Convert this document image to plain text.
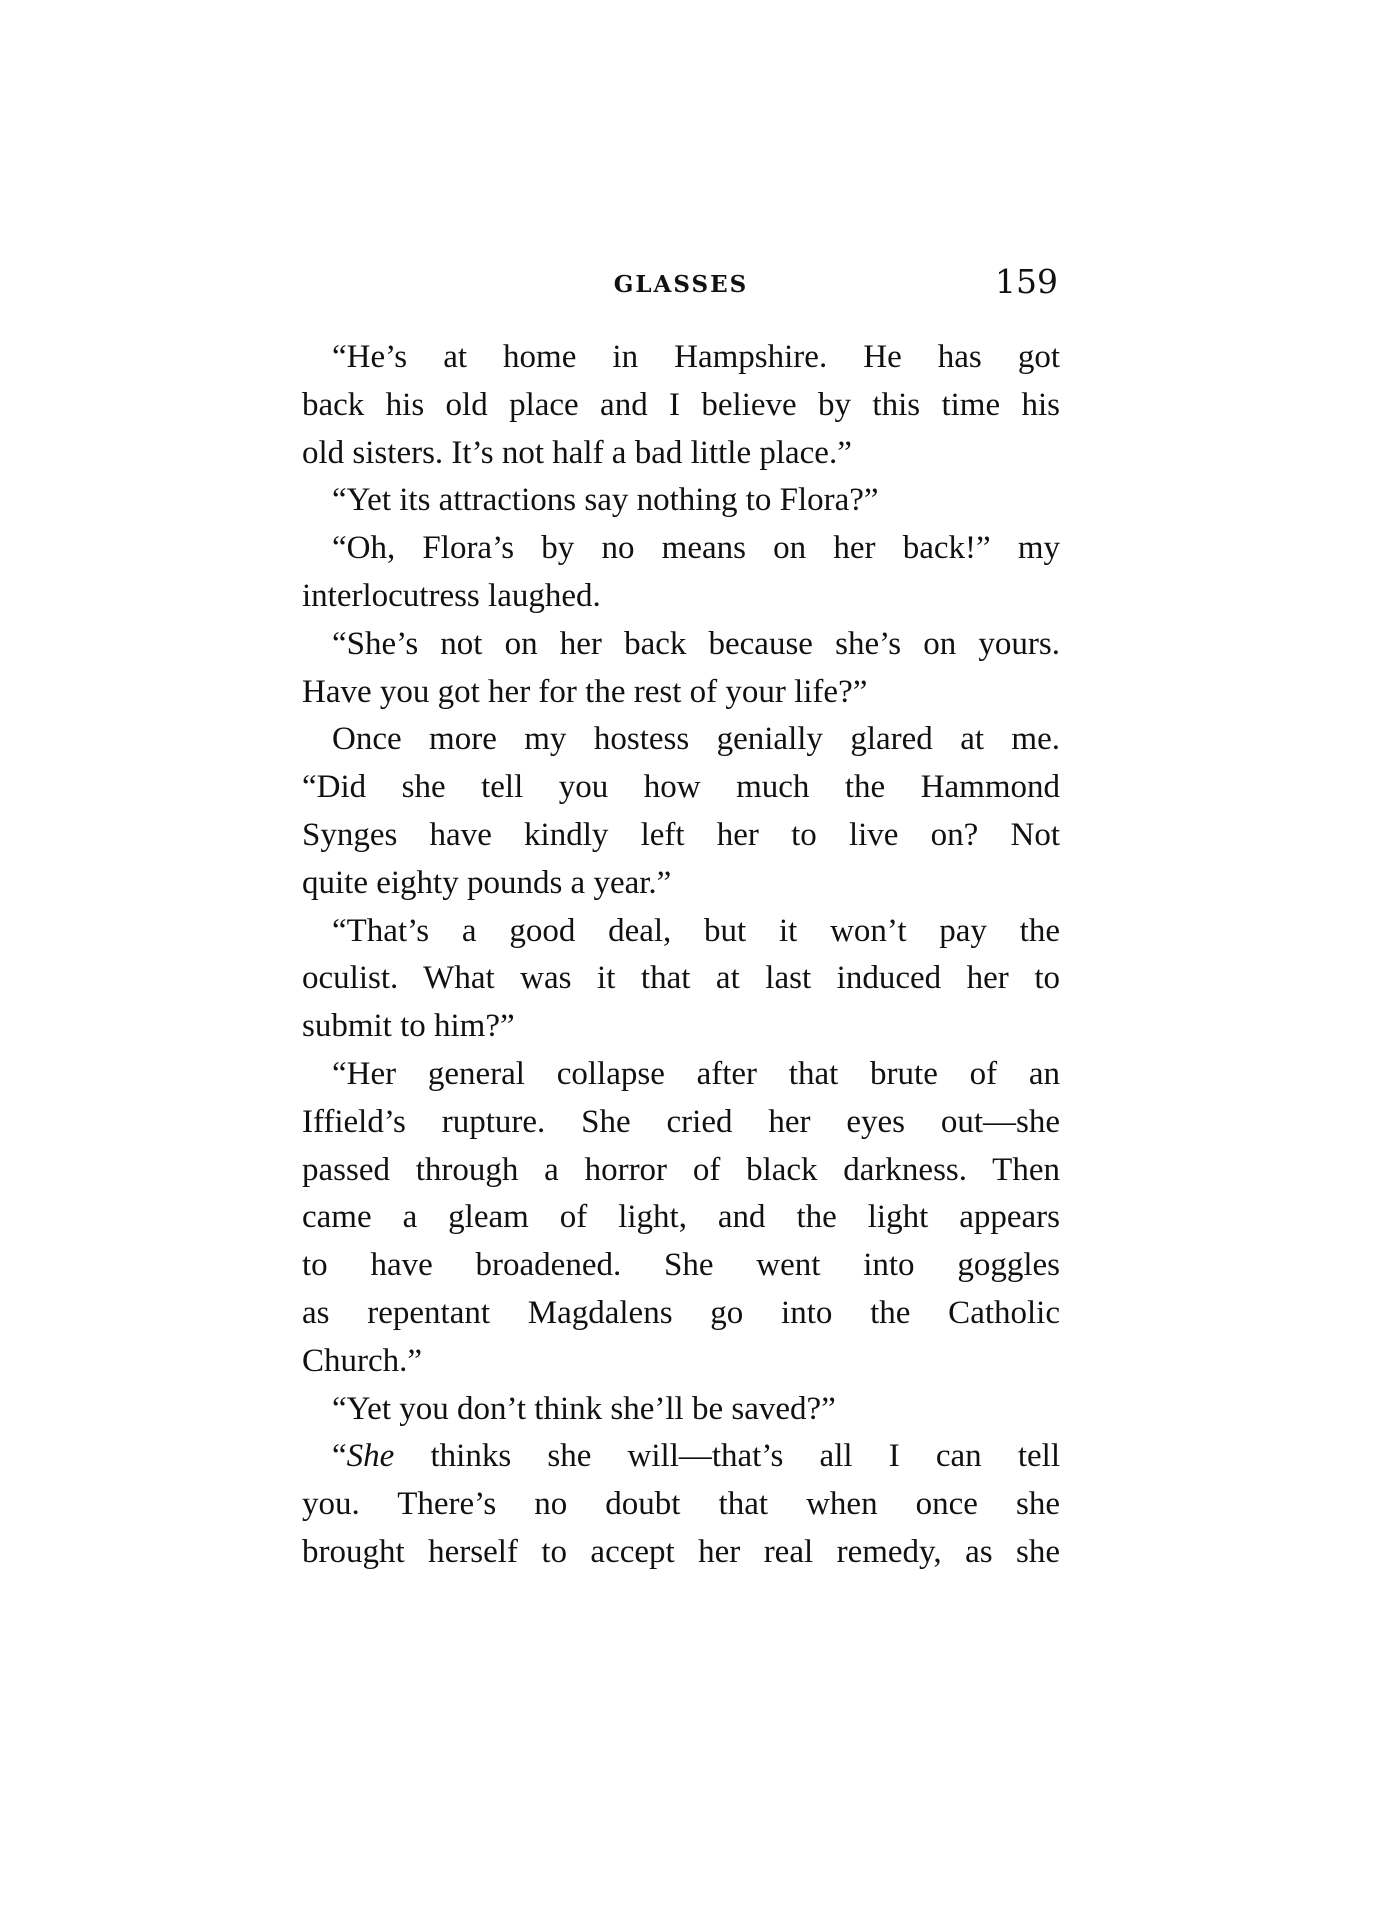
GLASSES	159
“He’s at home in Hampshire. He has got
back his old place and I believe by this time his
old sisters. It’s not half a bad little place.”
“Yet its attractions say nothing to Flora?”
“Oh, Flora’s by no means on her back!” my
interlocutress laughed.
“She’s not on her back because she’s on yours.
Have you got her for the rest of your life?”
Once more my hostess genially glared at me.
“Did she tell you how much the Hammond
Synges have kindly left her to live on? Not
quite eighty pounds a year.”
“That’s a good deal, but it won’t pay the
oculist. What was it that at last induced her to
submit to him?”
“Her general collapse after that brute of an
Iffield’s rupture. She cried her eyes out—she
passed through a horror of black darkness. Then
came a gleam of light, and the light appears
to have broadened. She went into goggles
as repentant Magdalens go into the Catholic
Church.”
“Yet you don’t think she’ll be saved?”
“She thinks she will—that’s all I can tell
you. There’s no doubt that when once she
brought herself to accept her real remedy, as she
